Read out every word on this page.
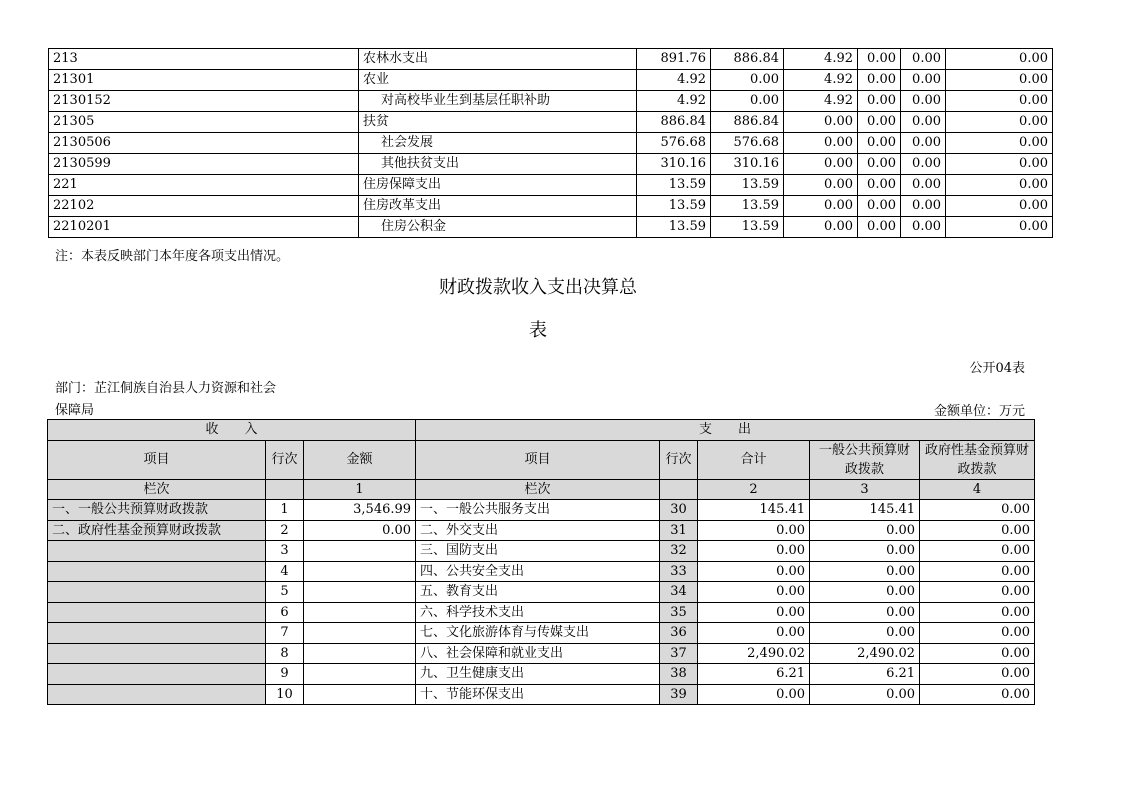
213	农林水支出	891.76	886.84	4.92	0.00	0.00	0.00
21301	农业	4.92	0.00	4.92	0.00	0.00	0.00
2130152	对高校毕业生到基层任职补助	4.92	0.00	4.92	0.00	0.00	0.00
21305	扶贫	886.84	886.84	0.00	0.00	0.00	0.00
2130506	社会发展	576.68	576.68	0.00	0.00	0.00	0.00
2130599	其他扶贫支出	310.16	310.16	0.00	0.00	0.00	0.00
221	住房保障支出	13.59	13.59	0.00	0.00	0.00	0.00
22102	住房改革支出	13.59	13.59	0.00	0.00	0.00	0.00
2210201	住房公积金	13.59	13.59	0.00	0.00	0.00	0.00
注：本表反映部门本年度各项支出情况。
财政拨款收入支出决算总
表
公开04表
部门：芷江侗族自治县人力资源和社会保障局	金额单位：万元
收　　入			支　　出				
项目	行次	金额	项目	行次	合计	一般公共预算财政拨款	政府性基金预算财政拨款
栏次		1	栏次		2	3	4
一、一般公共预算财政拨款	1	3,546.99	一、一般公共服务支出	30	145.41	145.41	0.00
二、政府性基金预算财政拨款	2	0.00	二、外交支出	31	0.00	0.00	0.00
	3		三、国防支出	32	0.00	0.00	0.00
	4		四、公共安全支出	33	0.00	0.00	0.00
	5		五、教育支出	34	0.00	0.00	0.00
	6		六、科学技术支出	35	0.00	0.00	0.00
	7		七、文化旅游体育与传媒支出	36	0.00	0.00	0.00
	8		八、社会保障和就业支出	37	2,490.02	2,490.02	0.00
	9		九、卫生健康支出	38	6.21	6.21	0.00
	10		十、节能环保支出	39	0.00	0.00	0.00
